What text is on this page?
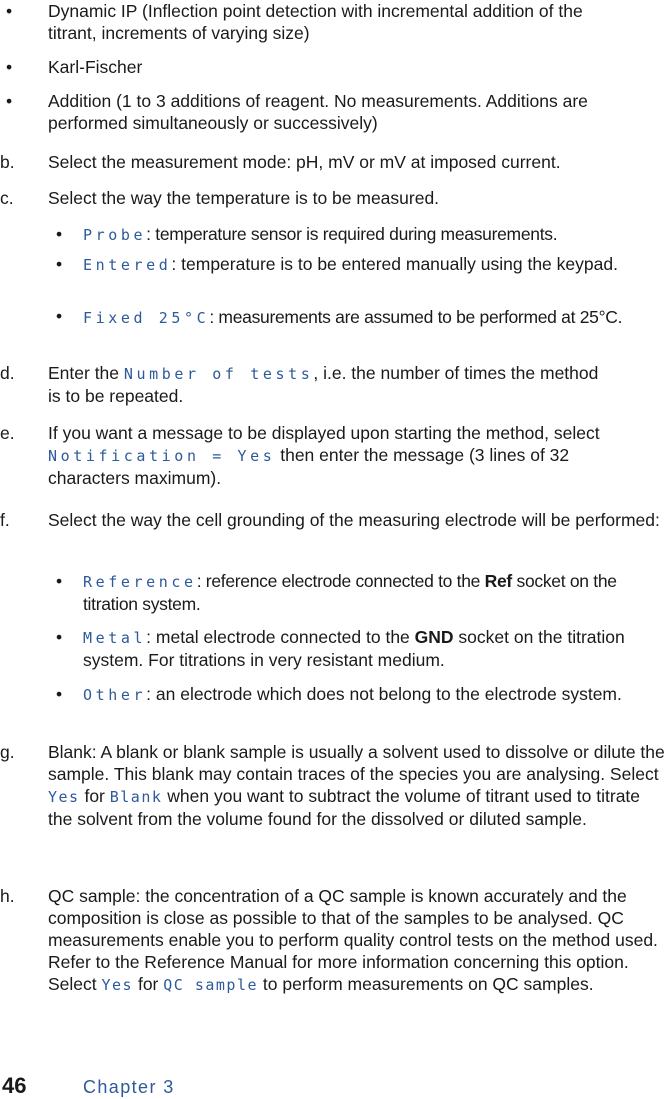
• Dynamic IP (Inflection point detection with incremental addition of the titrant, increments of varying size)
• Karl-Fischer
• Addition (1 to 3 additions of reagent. No measurements. Additions are performed simultaneously or successively)
b.	Select the measurement mode: pH, mV or mV at imposed current.
c.	Select the way the temperature is to be measured.
• Probe: temperature sensor is required during measurements.
• Entered: temperature is to be entered manually using the keypad.
• Fixed 25°C: measurements are assumed to be performed at 25°C.
d.	Enter the Number of tests, i.e. the number of times the method is to be repeated.
e.	If you want a message to be displayed upon starting the method, select Notification = Yes then enter the message (3 lines of 32 characters maximum).
f.	Select the way the cell grounding of the measuring electrode will be performed:
• Reference: reference electrode connected to the Ref socket on the titration system.
• Metal: metal electrode connected to the GND socket on the titration system. For titrations in very resistant medium.
• Other: an electrode which does not belong to the electrode system.
g.	Blank: A blank or blank sample is usually a solvent used to dissolve or dilute the sample. This blank may contain traces of the species you are analysing. Select Yes for Blank when you want to subtract the volume of titrant used to titrate the solvent from the volume found for the dissolved or diluted sample.
h.	QC sample: the concentration of a QC sample is known accurately and the composition is close as possible to that of the samples to be analysed. QC measurements enable you to perform quality control tests on the method used. Refer to the Reference Manual for more information concerning this option. Select Yes for QC sample to perform measurements on QC samples.
46	Chapter 3
